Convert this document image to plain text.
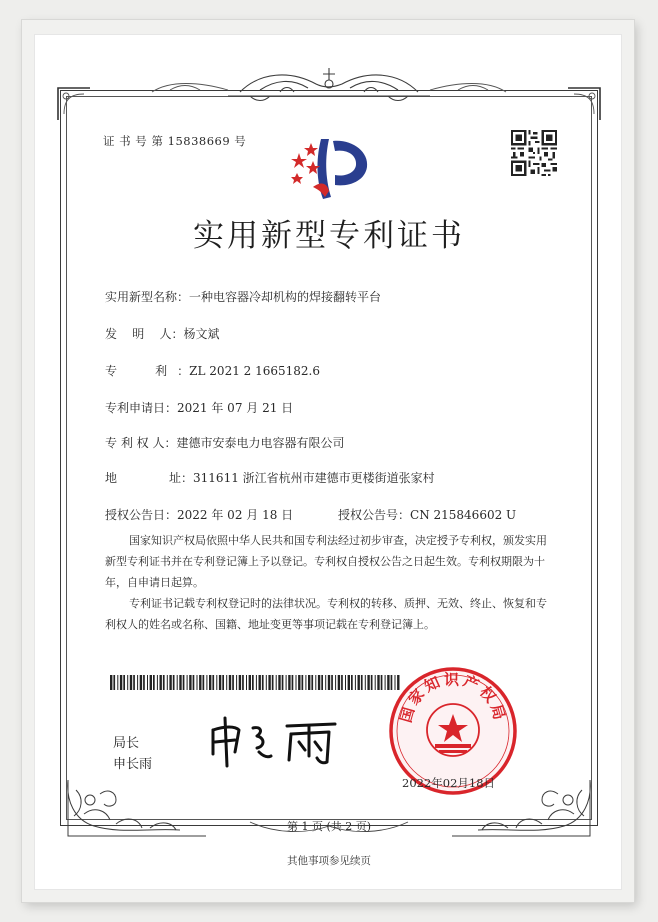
证 书 号 第 15838669 号
实用新型专利证书
实用新型名称：一种电容器冷却机构的焊接翻转平台
发    明    人：杨文斌
专          利 ：ZL 2021 2 1665182.6
专利申请日：2021 年 07 月 21 日
专 利 权 人：建德市安泰电力电容器有限公司
地	址：311611 浙江省杭州市建德市更楼街道张家村
授权公告日：2022 年 02 月 18 日	授权公告号：CN 215846602 U
国家知识产权局依照中华人民共和国专利法经过初步审查，决定授予专利权，颁发实用
新型专利证书并在专利登记簿上予以登记。专利权自授权公告之日起生效。专利权期限为十
年，自申请日起算。
专利证书记载专利权登记时的法律状况。专利权的转移、质押、无效、终止、恢复和专
利权人的姓名或名称、国籍、地址变更等事项记载在专利登记簿上。
局长
申长雨
国家知识产权局
2022年02月18日
第 1 页 (共 2 页)
其他事项参见续页
